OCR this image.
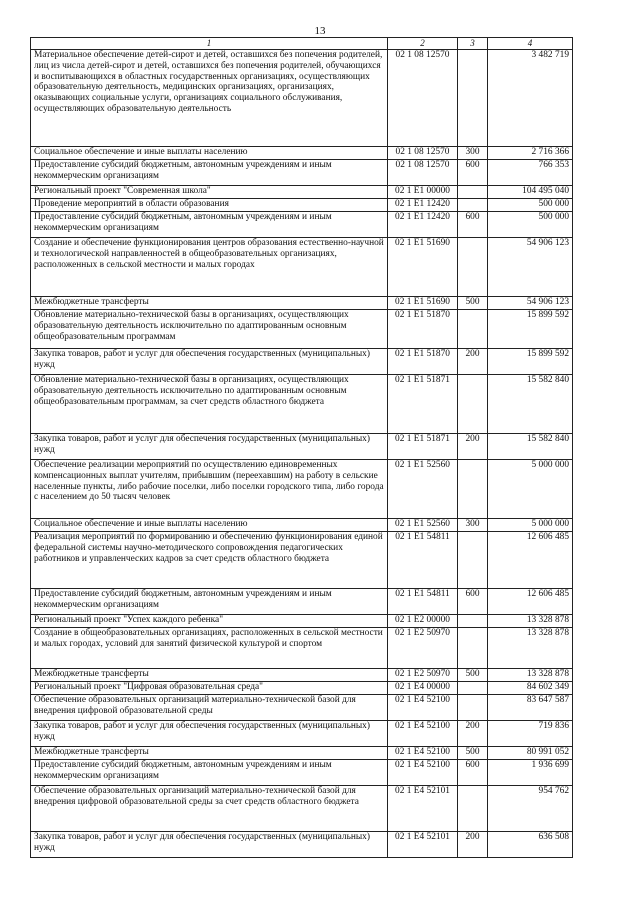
13
1	2	3	4
Материальное обеспечение детей-сирот и детей, оставшихся без попечения родителей, лиц из числа детей-сирот и детей, оставшихся без попечения родителей, обучающихся и воспитывающихся в областных государственных организациях, осуществляющих образовательную деятельность, медицинских организациях, организациях, оказывающих социальные услуги, организациях социального обслуживания, осуществляющих образовательную деятельность	02 1 08 12570		3 482 719
Социальное обеспечение и иные выплаты населению	02 1 08 12570	300	2 716 366
Предоставление субсидий бюджетным, автономным учреждениям и иным некоммерческим организациям	02 1 08 12570	600	766 353
Региональный проект "Современная школа"	02 1 E1 00000		104 495 040
Проведение мероприятий в области образования	02 1 E1 12420		500 000
Предоставление субсидий бюджетным, автономным учреждениям и иным некоммерческим организациям	02 1 E1 12420	600	500 000
Создание и обеспечение функционирования центров образования естественно-научной и технологической направленностей в общеобразовательных организациях, расположенных в сельской местности и малых городах	02 1 E1 51690		54 906 123
Межбюджетные трансферты	02 1 E1 51690	500	54 906 123
Обновление материально-технической базы в организациях, осуществляющих образовательную деятельность исключительно по адаптированным основным общеобразовательным программам	02 1 E1 51870		15 899 592
Закупка товаров, работ и услуг для обеспечения государственных (муниципальных) нужд	02 1 E1 51870	200	15 899 592
Обновление материально-технической базы в организациях, осуществляющих образовательную деятельность исключительно по адаптированным основным общеобразовательным программам, за счет средств областного бюджета	02 1 E1 51871		15 582 840
Закупка товаров, работ и услуг для обеспечения государственных (муниципальных) нужд	02 1 E1 51871	200	15 582 840
Обеспечение реализации мероприятий по осуществлению единовременных компенсационных выплат учителям, прибывшим (переехавшим) на работу в сельские населенные пункты, либо рабочие поселки, либо поселки городского типа, либо города с населением до 50 тысяч человек	02 1 E1 52560		5 000 000
Социальное обеспечение и иные выплаты населению	02 1 E1 52560	300	5 000 000
Реализация мероприятий по формированию и обеспечению функционирования единой федеральной системы научно-методического сопровождения педагогических работников и управленческих кадров за счет средств областного бюджета	02 1 E1 54811		12 606 485
Предоставление субсидий бюджетным, автономным учреждениям и иным некоммерческим организациям	02 1 E1 54811	600	12 606 485
Региональный проект "Успех каждого ребенка"	02 1 E2 00000		13 328 878
Создание в общеобразовательных организациях, расположенных в сельской местности и малых городах, условий для занятий физической культурой и спортом	02 1 E2 50970		13 328 878
Межбюджетные трансферты	02 1 E2 50970	500	13 328 878
Региональный проект "Цифровая образовательная среда"	02 1 E4 00000		84 602 349
Обеспечение образовательных организаций материально-технической базой для внедрения цифровой образовательной среды	02 1 E4 52100		83 647 587
Закупка товаров, работ и услуг для обеспечения государственных (муниципальных) нужд	02 1 E4 52100	200	719 836
Межбюджетные трансферты	02 1 E4 52100	500	80 991 052
Предоставление субсидий бюджетным, автономным учреждениям и иным некоммерческим организациям	02 1 E4 52100	600	1 936 699
Обеспечение образовательных организаций материально-технической базой для внедрения цифровой образовательной среды за счет средств областного бюджета	02 1 E4 52101		954 762
Закупка товаров, работ и услуг для обеспечения государственных (муниципальных) нужд	02 1 E4 52101	200	636 508
